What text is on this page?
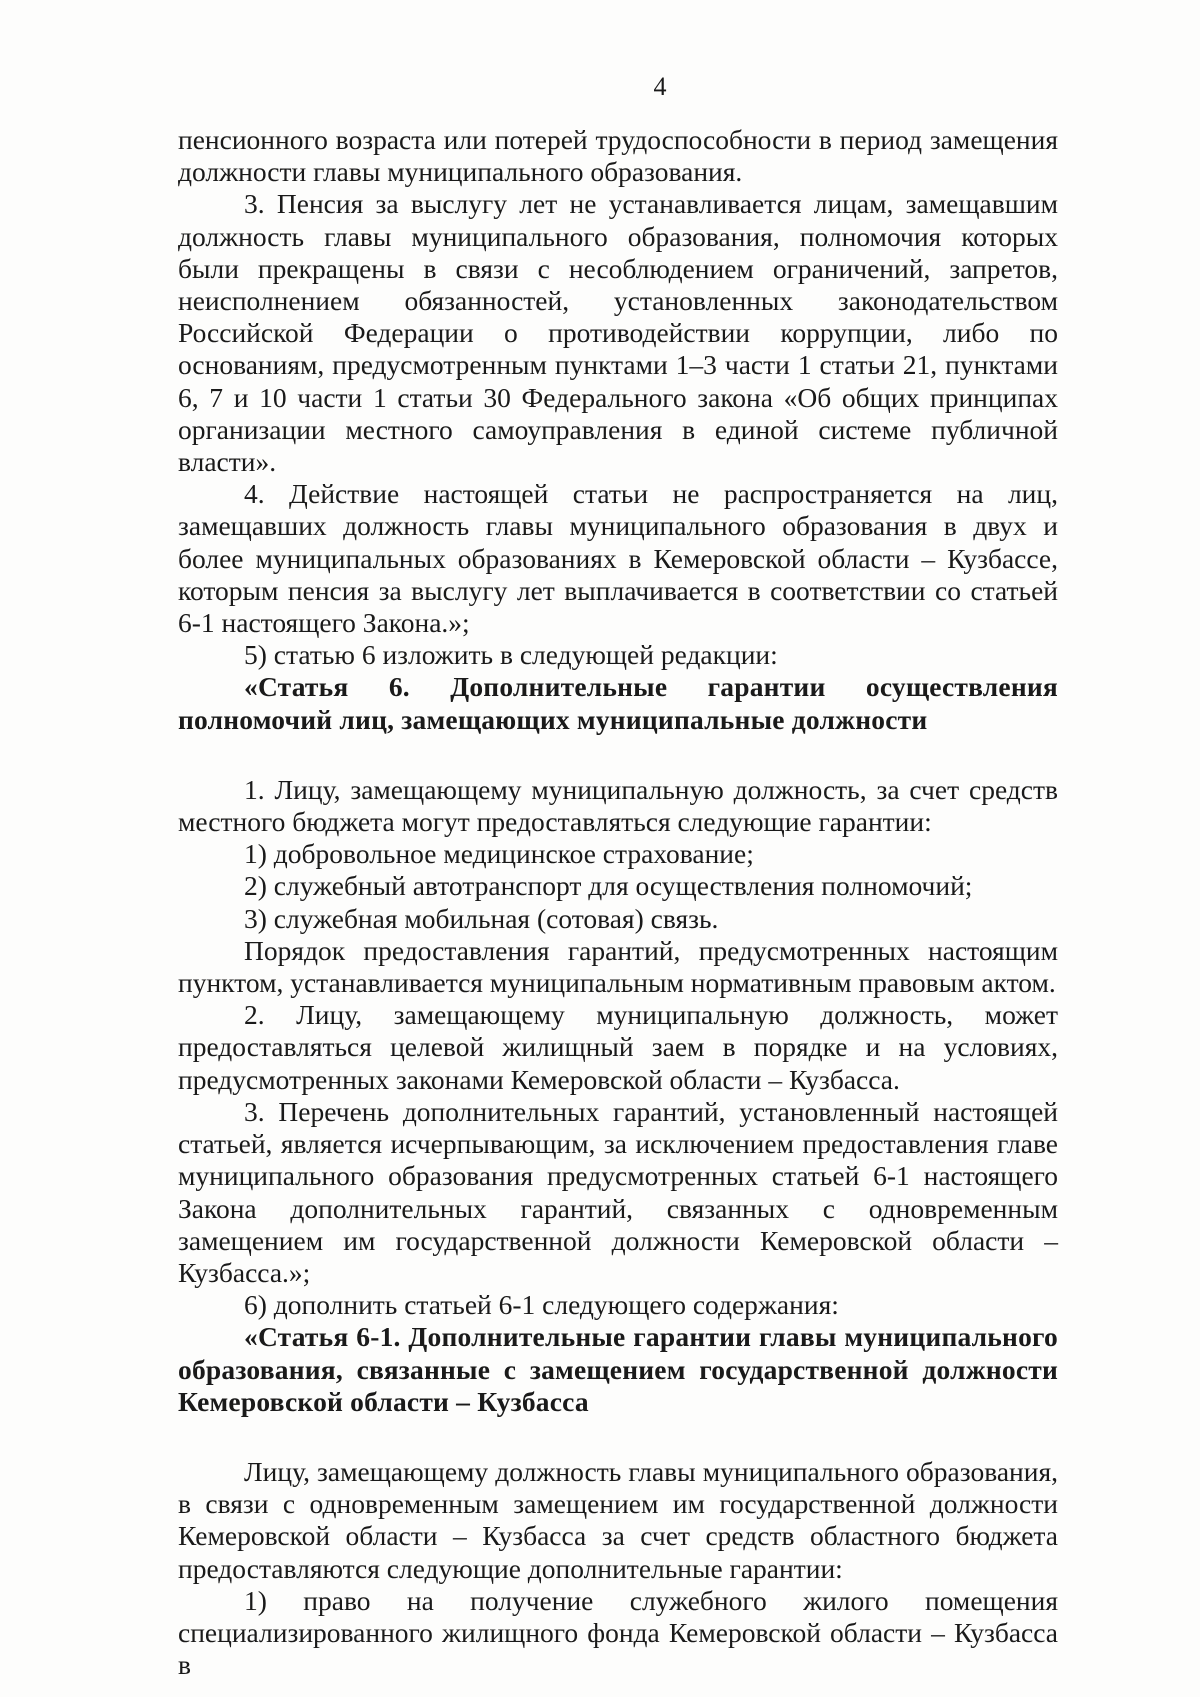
4

пенсионного возраста или потерей трудоспособности в период замещения должности главы муниципального образования.

3. Пенсия за выслугу лет не устанавливается лицам, замещавшим должность главы муниципального образования, полномочия которых были прекращены в связи с несоблюдением ограничений, запретов, неисполнением обязанностей, установленных законодательством Российской Федерации о противодействии коррупции, либо по основаниям, предусмотренным пунктами 1–3 части 1 статьи 21, пунктами 6, 7 и 10 части 1 статьи 30 Федерального закона «Об общих принципах организации местного самоуправления в единой системе публичной власти».

4. Действие настоящей статьи не распространяется на лиц, замещавших должность главы муниципального образования в двух и более муниципальных образованиях в Кемеровской области – Кузбассе, которым пенсия за выслугу лет выплачивается в соответствии со статьей 6-1 настоящего Закона.»;

5) статью 6 изложить в следующей редакции:

«Статья 6. Дополнительные гарантии осуществления полномочий лиц, замещающих муниципальные должности

1. Лицу, замещающему муниципальную должность, за счет средств местного бюджета могут предоставляться следующие гарантии:

1) добровольное медицинское страхование;

2) служебный автотранспорт для осуществления полномочий;

3) служебная мобильная (сотовая) связь.

Порядок предоставления гарантий, предусмотренных настоящим пунктом, устанавливается муниципальным нормативным правовым актом.

2. Лицу, замещающему муниципальную должность, может предоставляться целевой жилищный заем в порядке и на условиях, предусмотренных законами Кемеровской области – Кузбасса.

3. Перечень дополнительных гарантий, установленный настоящей статьей, является исчерпывающим, за исключением предоставления главе муниципального образования предусмотренных статьей 6-1 настоящего Закона дополнительных гарантий, связанных с одновременным замещением им государственной должности Кемеровской области – Кузбасса.»;

6) дополнить статьей 6-1 следующего содержания:

«Статья 6-1. Дополнительные гарантии главы муниципального образования, связанные с замещением государственной должности Кемеровской области – Кузбасса

Лицу, замещающему должность главы муниципального образования, в связи с одновременным замещением им государственной должности Кемеровской области – Кузбасса за счет средств областного бюджета предоставляются следующие дополнительные гарантии:

1) право на получение служебного жилого помещения специализированного жилищного фонда Кемеровской области – Кузбасса в
